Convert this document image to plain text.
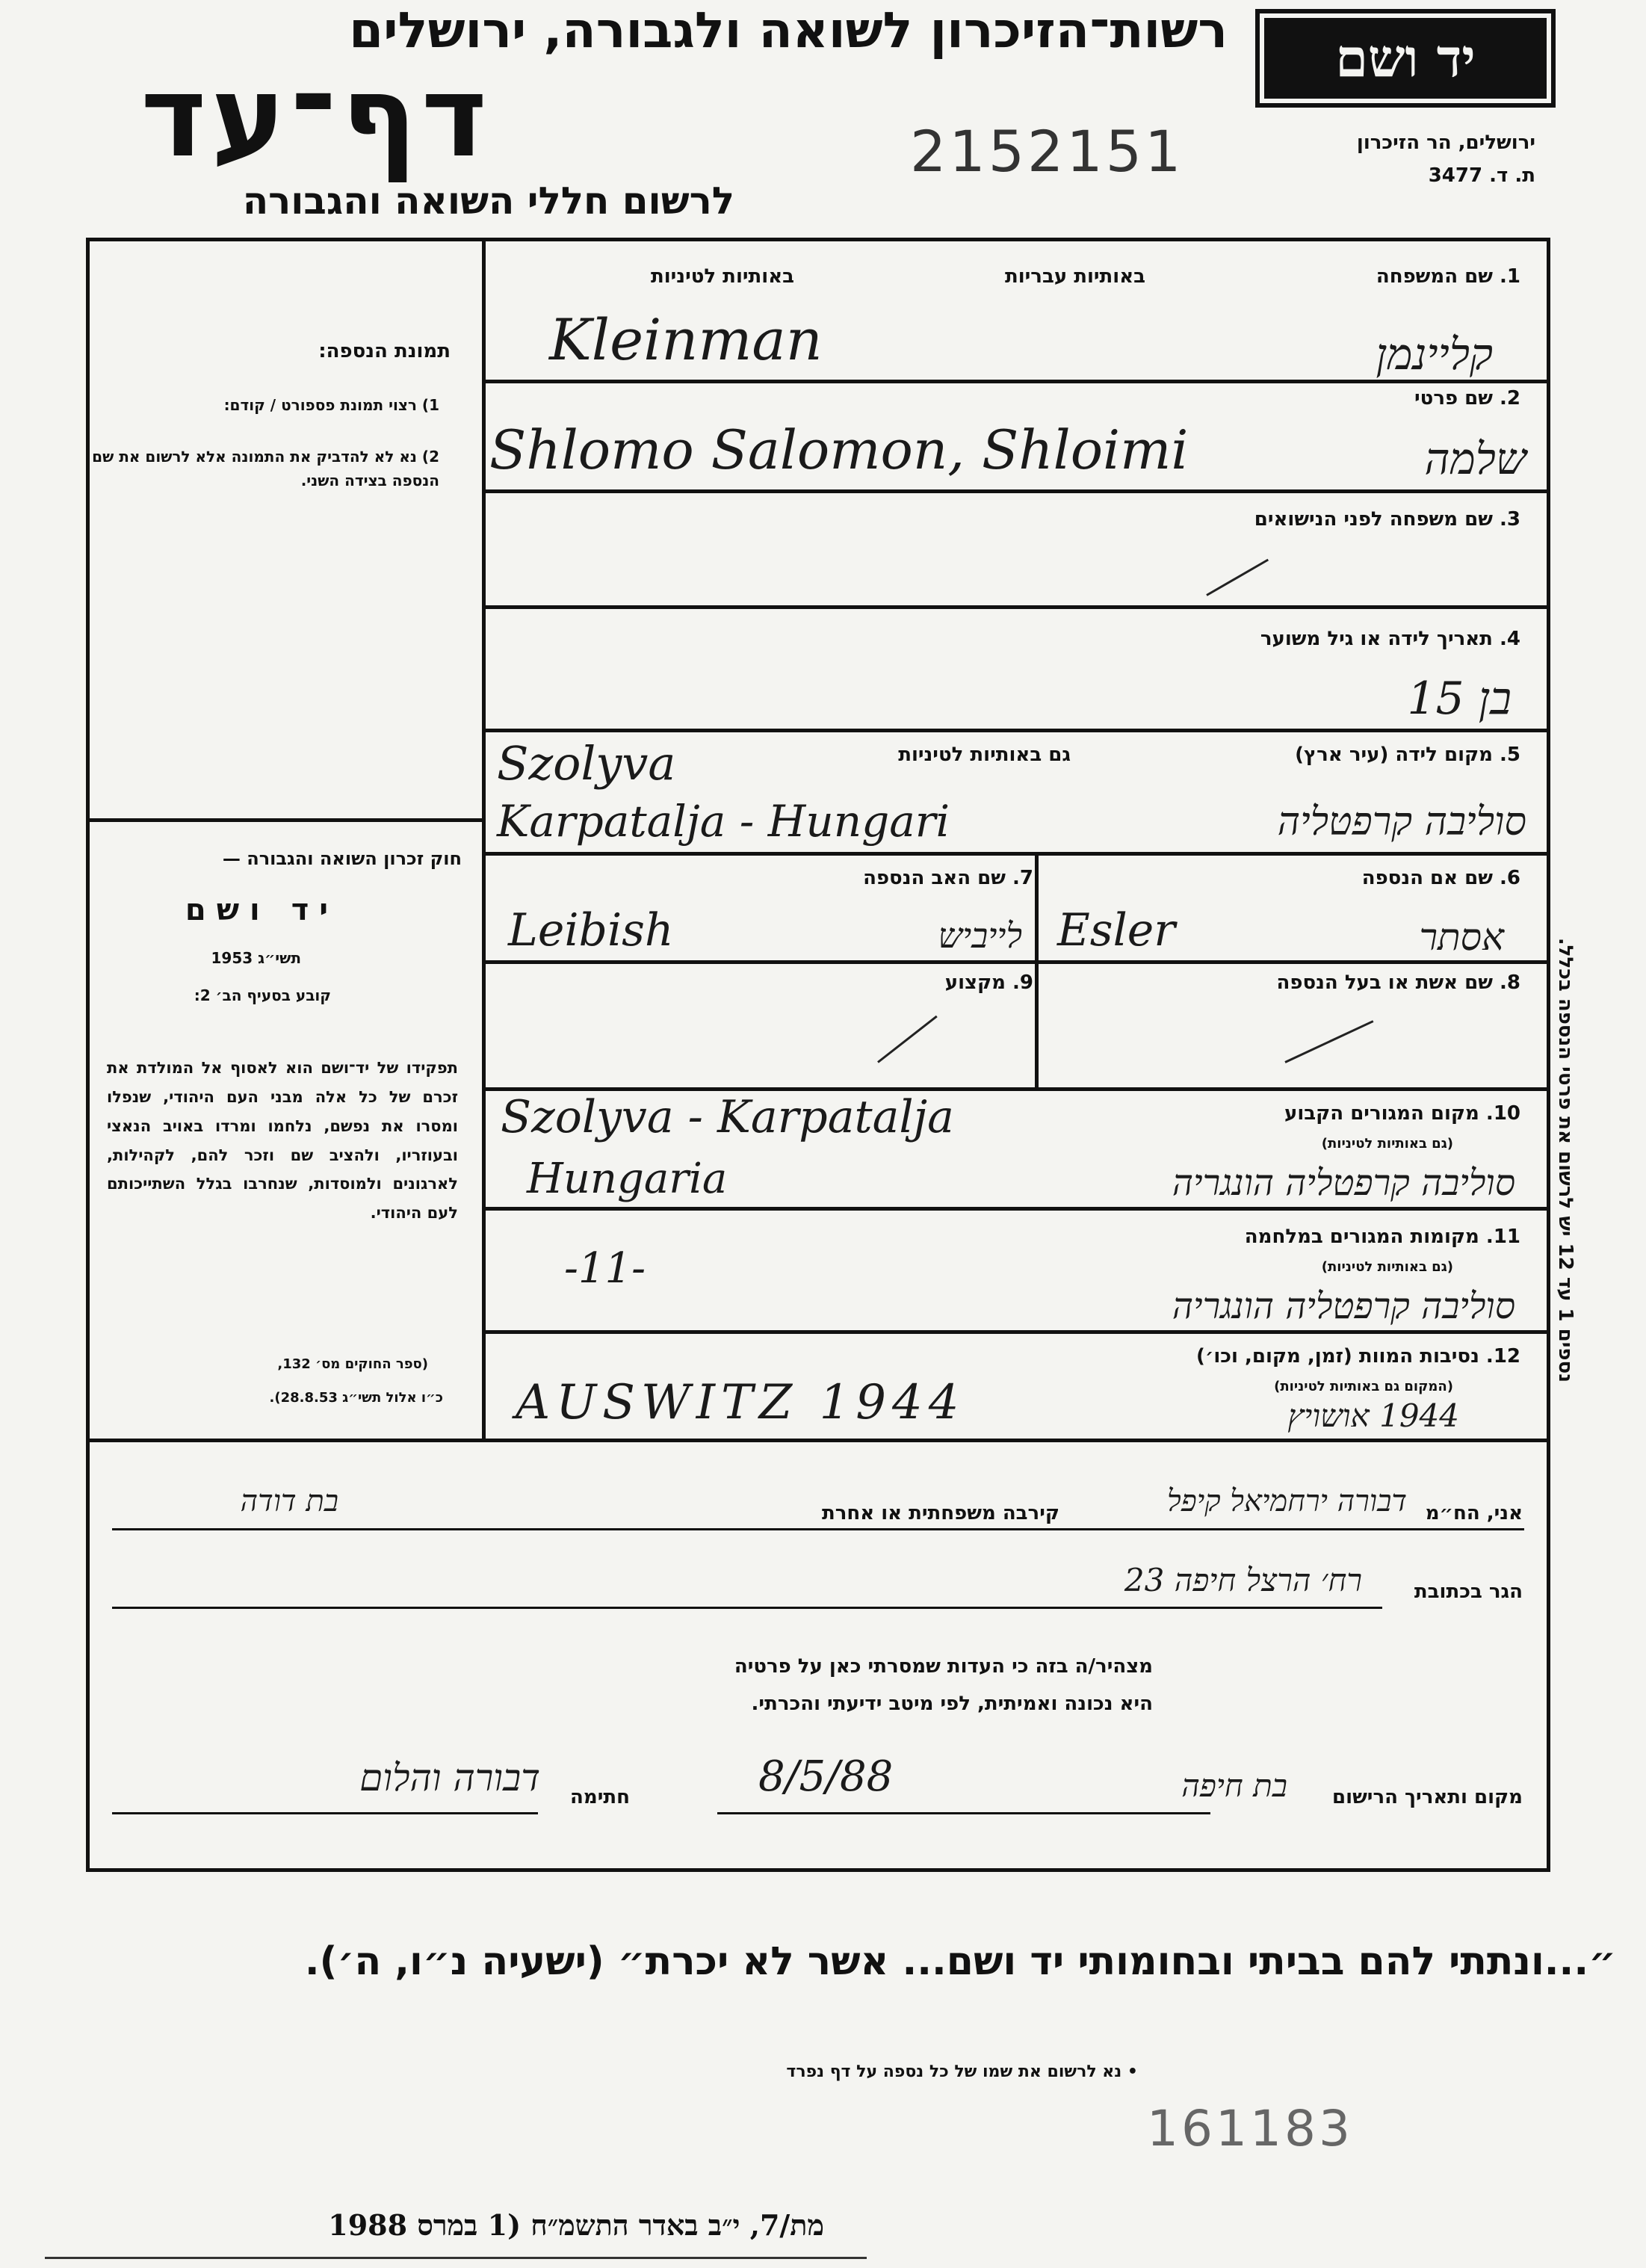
רשות־הזיכרון לשואה ולגבורה, ירושלים
דף־עד
לרשום חללי השואה והגבורה
2152151
יד ושם
ירושלים, הר הזיכרון
ת. ד. 3477
נספים 1 עד 12 יש לרשום את פרטי הנספה בכלל.
תמונת הנספה:
1) רצוי תמונת פספורט / קודם:
2) נא לא להדביק את התמונה אלא לרשום את שם הנספה בצידה השני.
חוק זכרון השואה והגבורה —
יד ושם
תשי״ג 1953
קובע בסעיף הב׳ 2:
תפקידו של יד־ושם הוא לאסוף אל המולדת את זכרם של כל אלה מבני העם היהודי, שנפלו ומסרו את נפשם, נלחמו ומרדו באויב הנאצי ובעוזריו, ולהציב שם וזכר להם, לקהילות, לארגונים ולמוסדות, שנחרבו בגלל השתייכותם לעם היהודי.
(ספר החוקים מס׳ 132,
כ״ו אלול תשי״ג 28.8.53).
1. שם המשפחה
באותיות עבריות
באותיות לטיניות
Kleinman	קליינמן
2. שם פרטי
Shlomo Salomon, Shloimi	שלמה
3. שם משפחה לפני הנישואים
4. תאריך לידה או גיל משוער
בן 15
5. מקום לידה (עיר ארץ)
גם באותיות לטיניות
Szolyva
Karpatalja - Hungari	סוליבה קרפטליה
6. שם אם הנספה
Esler	אסתר
7. שם האב הנספה
Leibish	לייביש
8. שם אשת או בעל הנספה
9. מקצוע
10. מקום המגורים הקבוע
(גם באותיות לטיניות)
Szolyva - Karpatalja
Hungaria	סוליבה קרפטליה הונגריה
11. מקומות המגורים במלחמה
(גם באותיות לטיניות)
-11-
סוליבה קרפטליה הונגריה
12. נסיבות המוות (זמן, מקום, וכו׳)
(המקום גם באותיות לטיניות)
AUSWITZ 1944	1944 אושויץ
אני, הח״מ
דבורה ירחמיאל קיפל
קירבה משפחתית או אחרת
בת דודה
הגר בכתובת
רח׳ הרצל חיפה 23
מצהיר/ה בזה כי העדות שמסרתי כאן על פרטיה
היא נכונה ואמיתית, לפי מיטב ידיעתי והכרתי.
מקום ותאריך הרישום
בת חיפה
8/5/88
חתימה
דבורה והלום
״...ונתתי להם בביתי ובחומותי יד ושם... אשר לא יכרת״ (ישעיה נ״ו, ה׳).
• נא לרשום את שמו של כל נספה על דף נפרד
161183
מת/7, י״ב באדר התשמ״ח (1 במרס 1988
